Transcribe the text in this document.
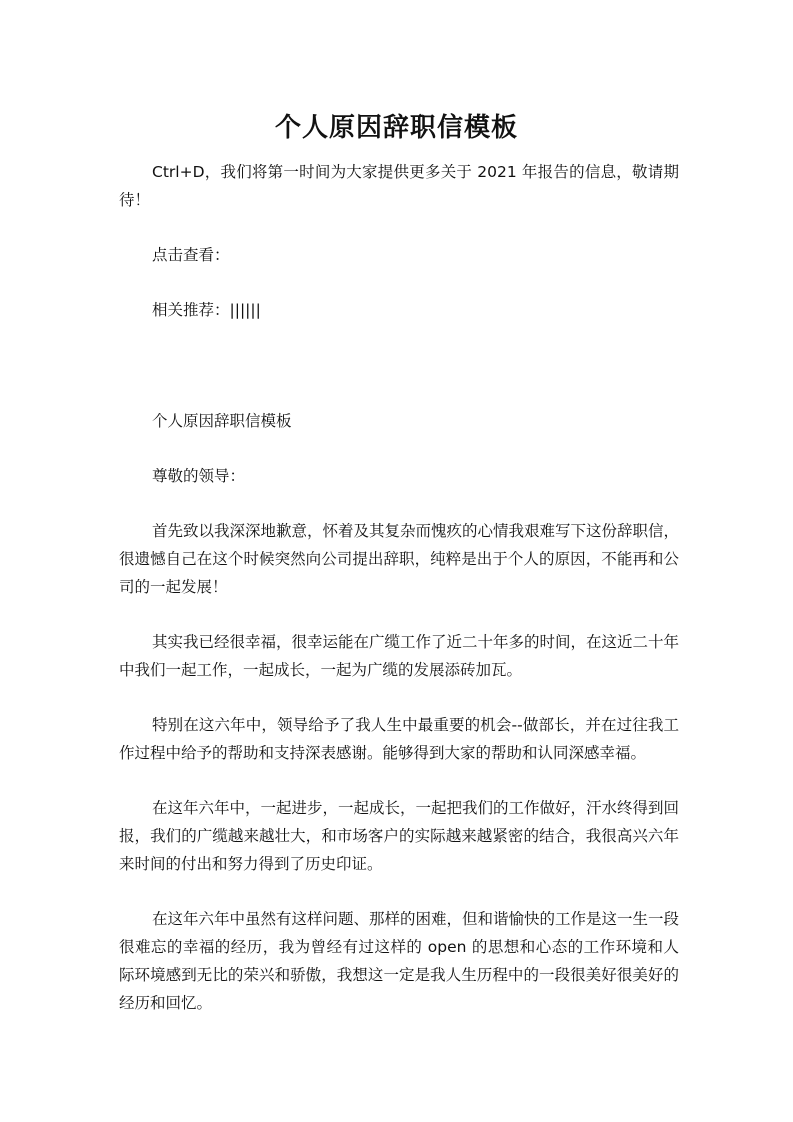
个人原因辞职信模板

Ctrl+D，我们将第一时间为大家提供更多关于 2021 年报告的信息，敬请期待！

点击查看：

相关推荐：||||||

个人原因辞职信模板

尊敬的领导：

首先致以我深深地歉意，怀着及其复杂而愧疚的心情我艰难写下这份辞职信，很遗憾自己在这个时候突然向公司提出辞职，纯粹是出于个人的原因，不能再和公司的一起发展！

其实我已经很幸福，很幸运能在广缆工作了近二十年多的时间，在这近二十年中我们一起工作，一起成长，一起为广缆的发展添砖加瓦。

特别在这六年中，领导给予了我人生中最重要的机会--做部长，并在过往我工作过程中给予的帮助和支持深表感谢。能够得到大家的帮助和认同深感幸福。

在这年六年中，一起进步，一起成长，一起把我们的工作做好，汗水终得到回报，我们的广缆越来越壮大，和市场客户的实际越来越紧密的结合，我很高兴六年来时间的付出和努力得到了历史印证。

在这年六年中虽然有这样问题、那样的困难，但和谐愉快的工作是这一生一段很难忘的幸福的经历，我为曾经有过这样的 open 的思想和心态的工作环境和人际环境感到无比的荣兴和骄傲，我想这一定是我人生历程中的一段很美好很美好的经历和回忆。
